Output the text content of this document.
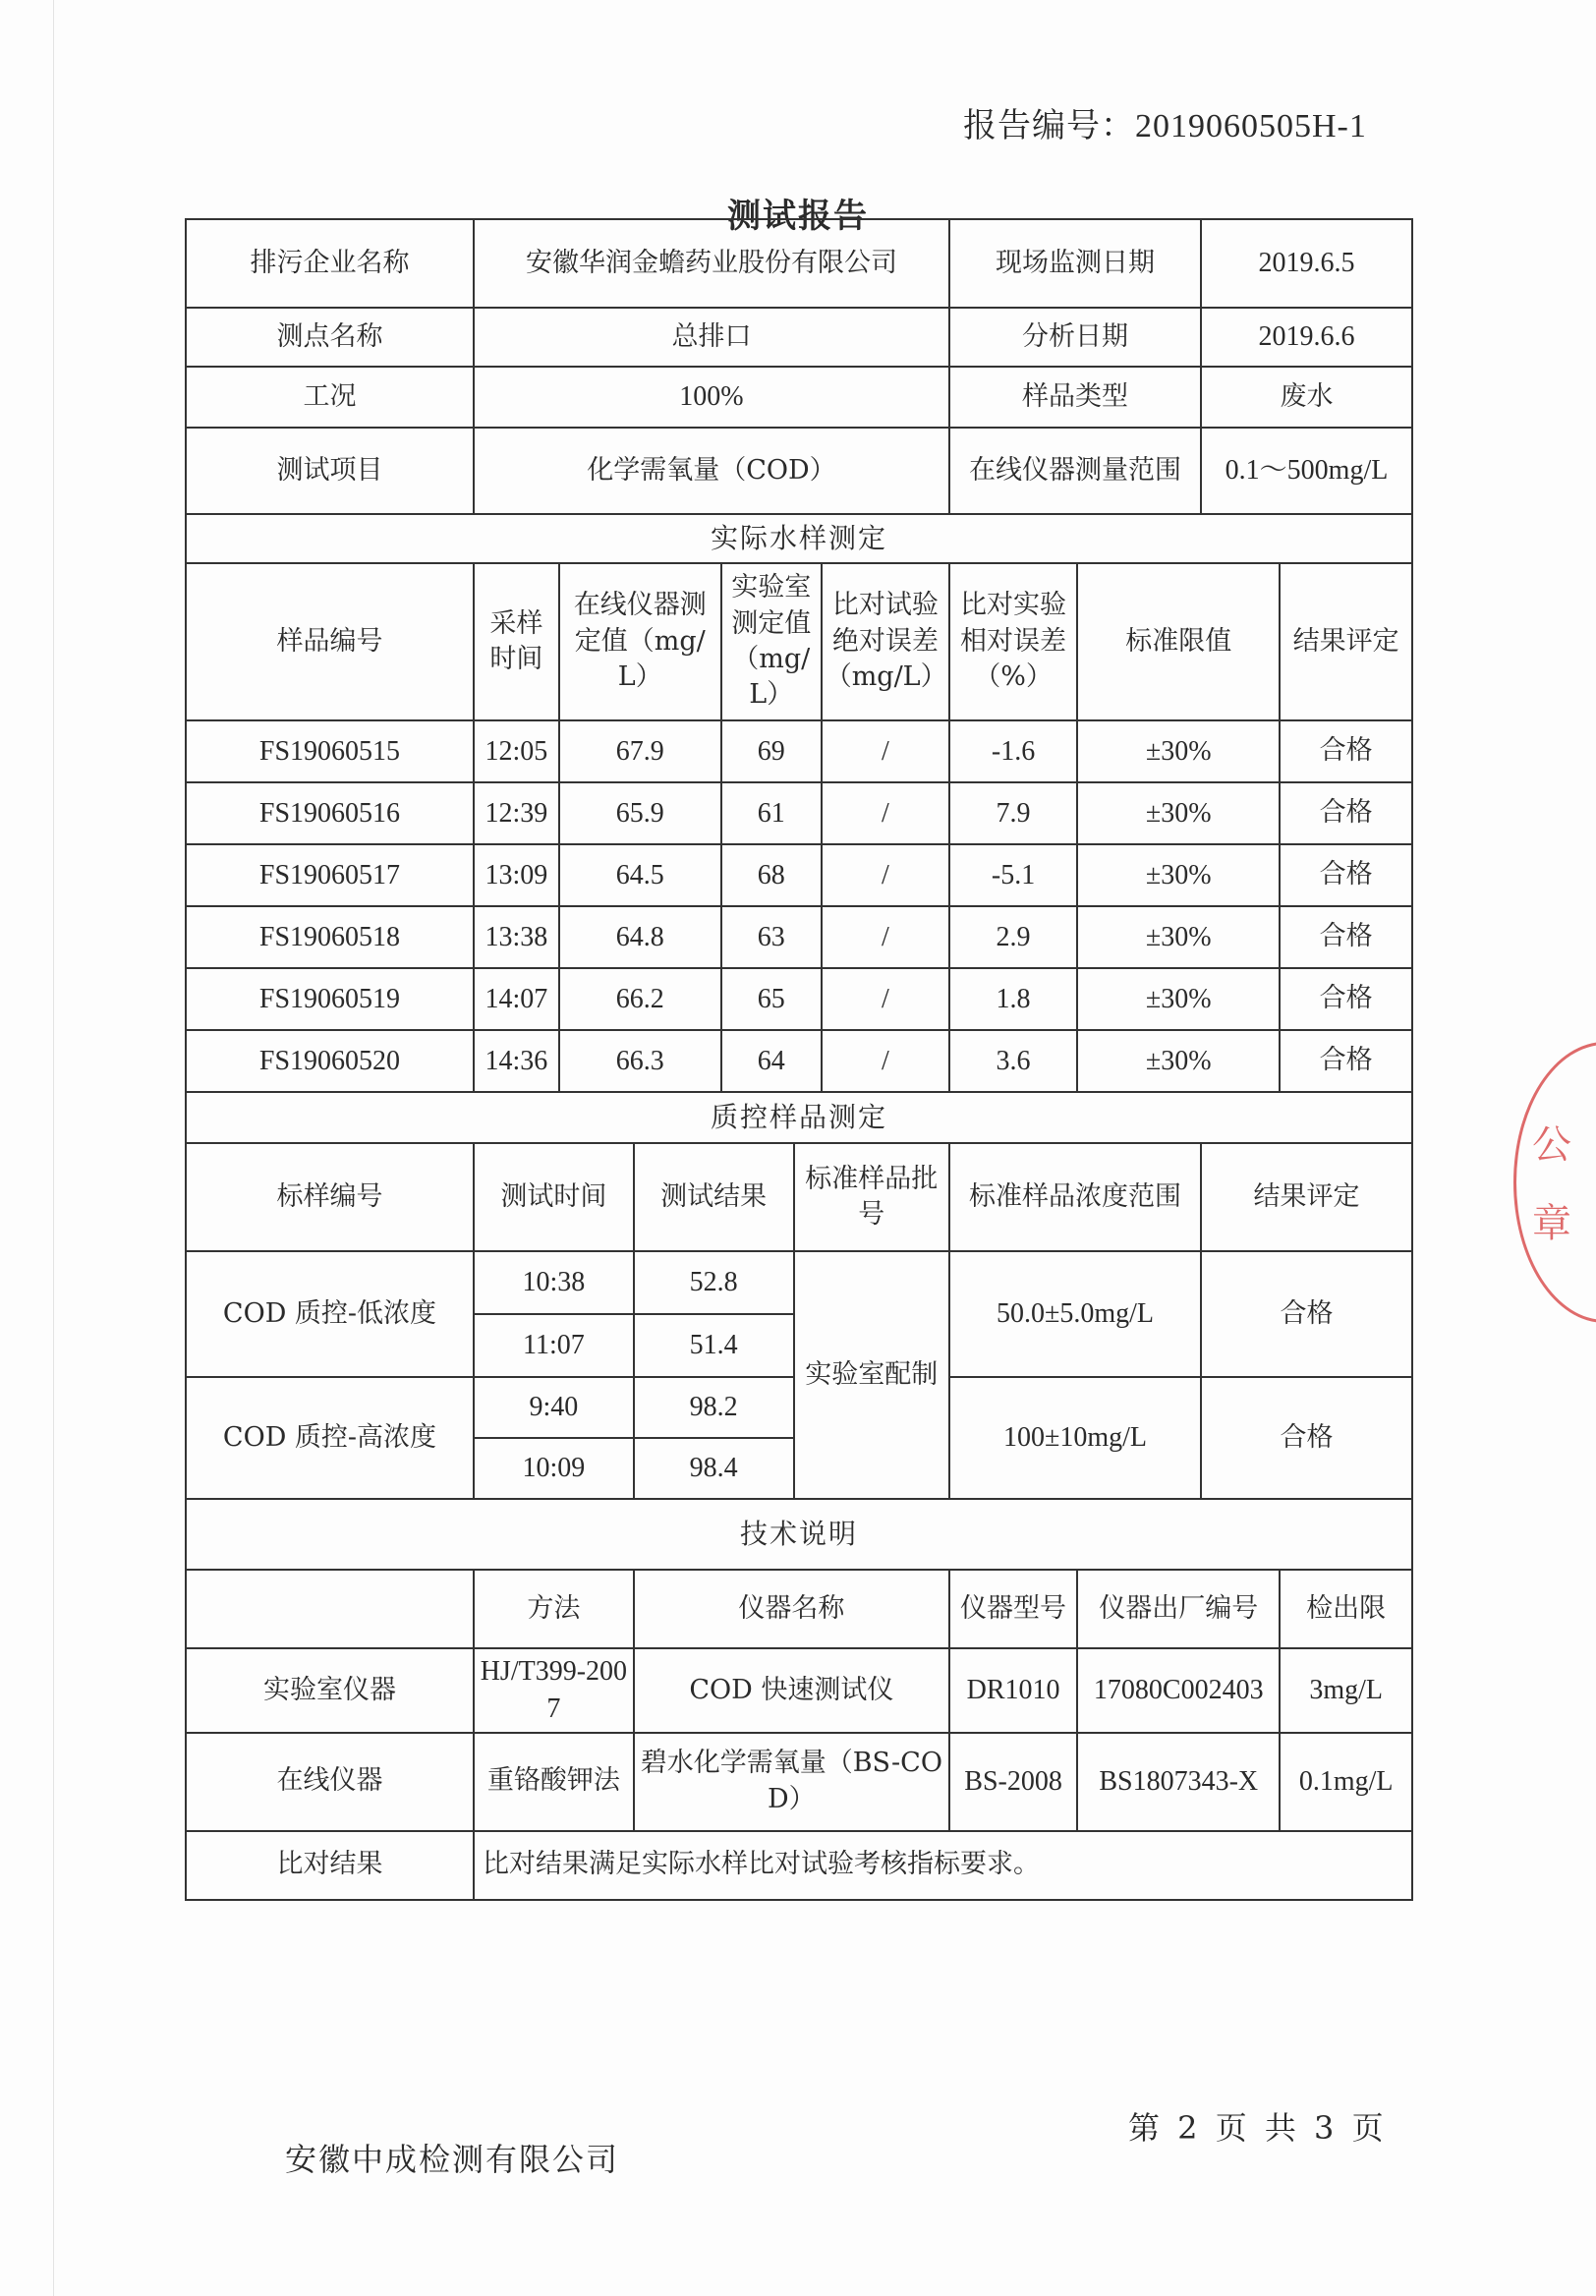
报告编号：2019060505H-1
测试报告
排污企业名称	安徽华润金蟾药业股份有限公司						现场监测日期		2019.6.5	
测点名称	总排口						分析日期		2019.6.6	
工况	100%						样品类型		废水	
测试项目	化学需氧量（COD）						在线仪器测量范围		0.1～500mg/L	
实际水样测定										
样品编号	采样时间	在线仪器测定值（mg/L）		实验室测定值（mg/L）		比对试验绝对误差（mg/L）	比对实验相对误差（%）	标准限值		结果评定
FS19060515	12:05	67.9		69		/	-1.6	±30%		合格
FS19060516	12:39	65.9		61		/	7.9	±30%		合格
FS19060517	13:09	64.5		68		/	-5.1	±30%		合格
FS19060518	13:38	64.8		63		/	2.9	±30%		合格
FS19060519	14:07	66.2		65		/	1.8	±30%		合格
FS19060520	14:36	66.3		64		/	3.6	±30%		合格
质控样品测定										
标样编号	测试时间		测试结果		标准样品批号		标准样品浓度范围		结果评定	
COD 质控-低浓度	10:38		52.8		实验室配制		50.0±5.0mg/L		合格	
	11:07		51.4							
COD 质控-高浓度	9:40		98.2				100±10mg/L		合格	
	10:09		98.4							
技术说明										
	方法		仪器名称				仪器型号	仪器出厂编号		检出限
实验室仪器	HJ/T399-2007		COD 快速测试仪				DR1010	17080C002403		3mg/L
在线仪器	重铬酸钾法		碧水化学需氧量（BS-COD）				BS-2008	BS1807343-X		0.1mg/L
比对结果	比对结果满足实际水样比对试验考核指标要求。									
公
章
第 2 页 共 3 页
安徽中成检测有限公司
